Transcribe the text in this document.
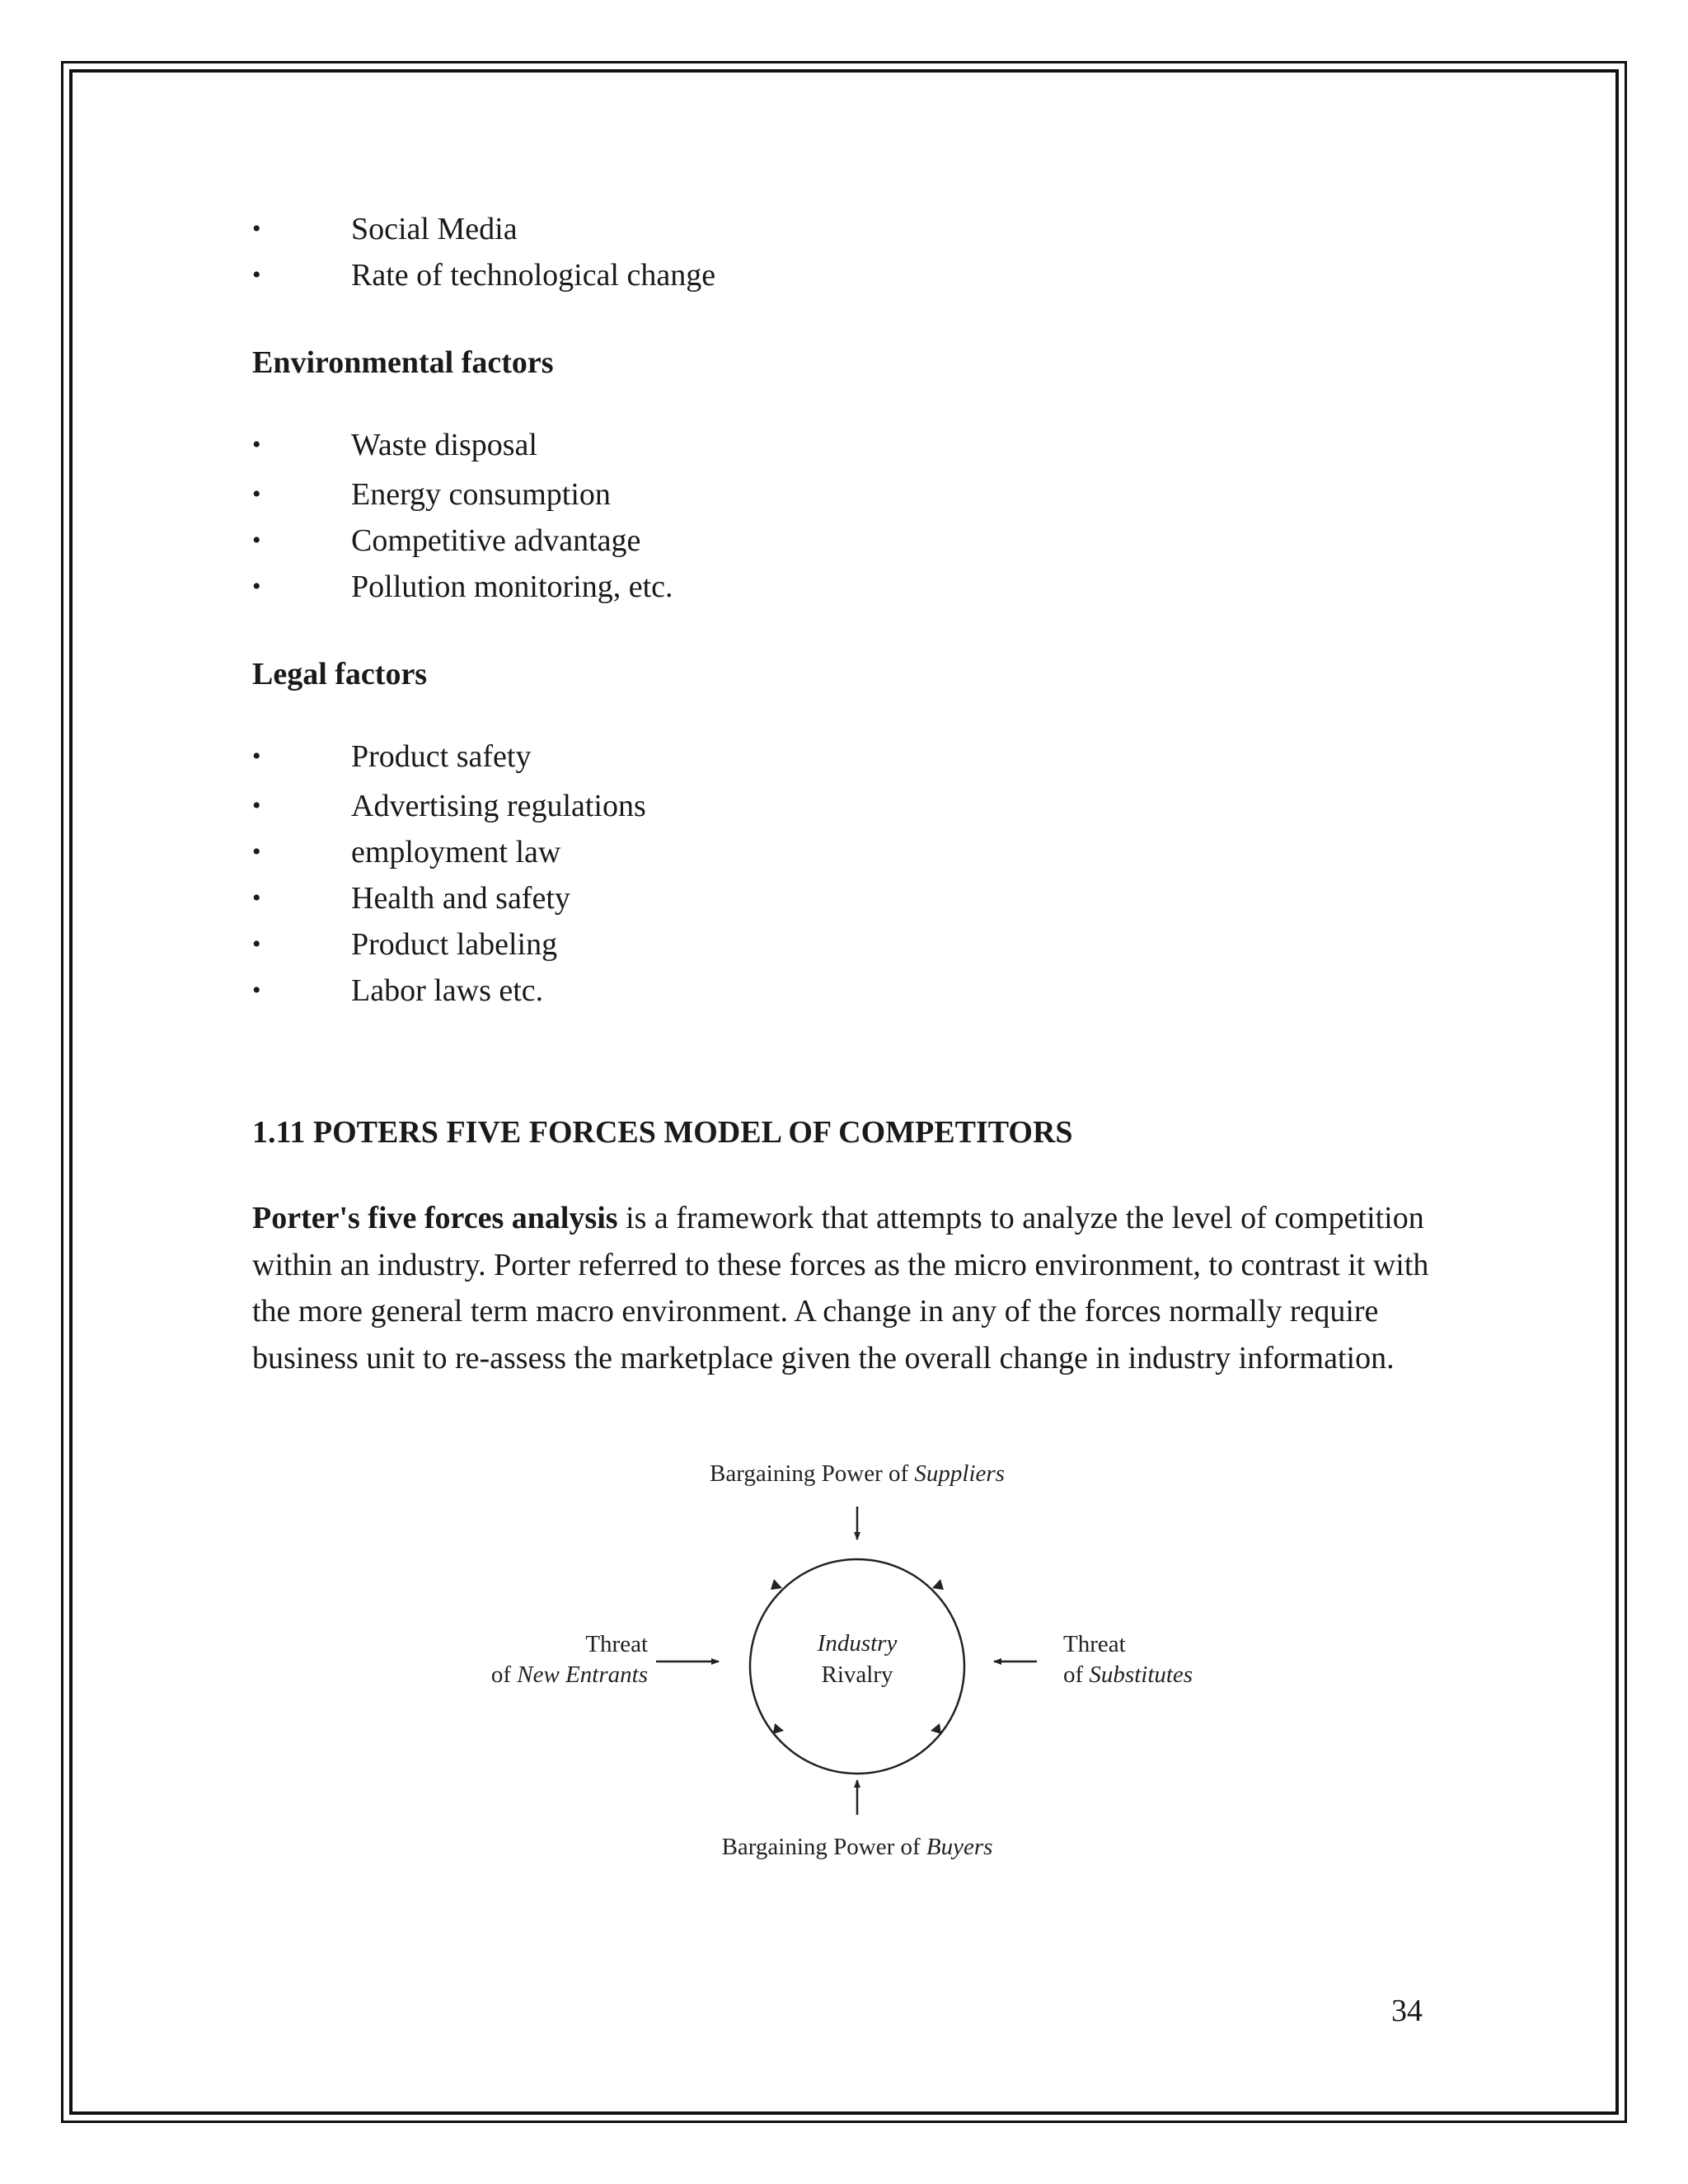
•	Social Media
•	Rate of technological change
Environmental factors
•	Waste disposal
•	Energy consumption
•	Competitive advantage
•	Pollution monitoring, etc.
Legal factors
•	Product safety
•	Advertising regulations
•	employment law
•	Health and safety
•	Product labeling
•	Labor laws etc.
1.11 POTERS FIVE FORCES MODEL OF COMPETITORS

Porter's five forces analysis is a framework that attempts to analyze the level of competition within an industry. Porter referred to these forces as the micro environment, to contrast it with the more general term macro environment. A change in any of the forces normally require business unit to re-assess the marketplace given the overall change in industry information.

Bargaining Power of Suppliers
Industry
Rivalry
Threat
of New Entrants
Threat
of Substitutes
Bargaining Power of Buyers
34
